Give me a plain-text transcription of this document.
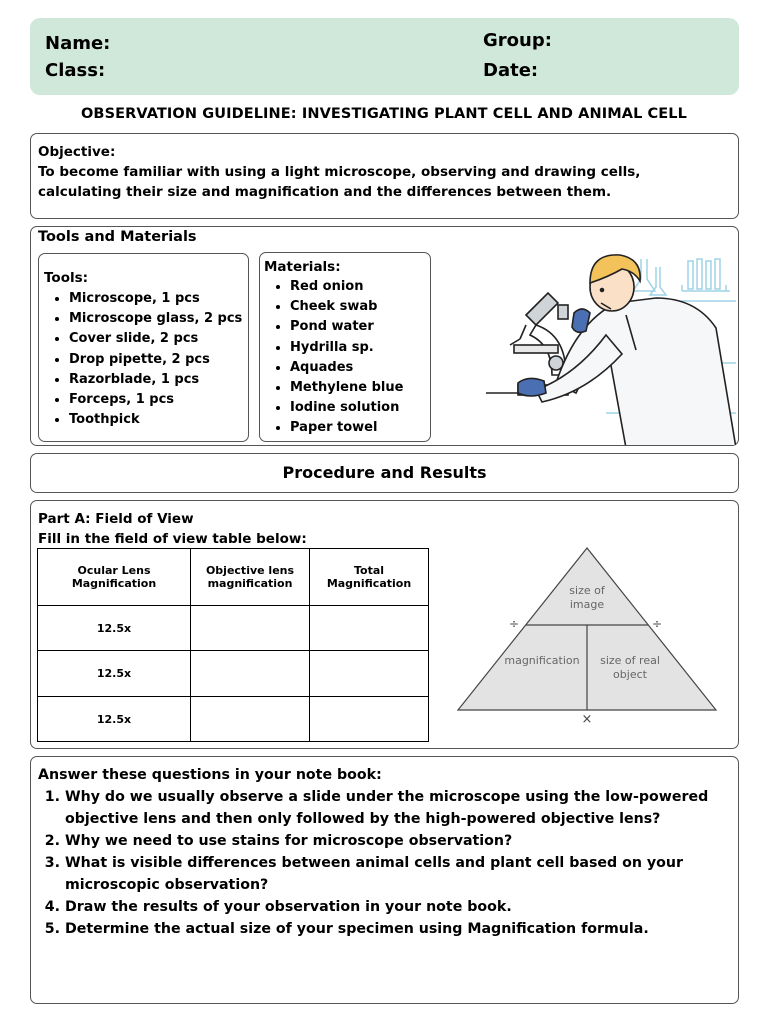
Name:
Class:
Group:
Date:
OBSERVATION GUIDELINE: INVESTIGATING PLANT CELL AND ANIMAL CELL
Objective:
To become familiar with using a light microscope, observing and drawing cells, calculating their size and magnification and the differences between them.
Tools and Materials
Tools:
• Microscope, 1 pcs
• Microscope glass, 2 pcs
• Cover slide, 2 pcs
• Drop pipette, 2 pcs
• Razorblade, 1 pcs
• Forceps, 1 pcs
• Toothpick
Materials:
• Red onion
• Cheek swab
• Pond water
• Hydrilla sp.
• Aquades
• Methylene blue
• Iodine solution
• Paper towel
Procedure and Results
Part A: Field of View
Fill in the field of view table below:
Ocular Lens Magnification	Objective lens magnification	Total Magnification
12.5x		
12.5x		
12.5x		
size of
image
magnification size of real
object
÷	÷
×
Answer these questions in your note book:
1. Why do we usually observe a slide under the microscope using the low-powered objective lens and then only followed by the high-powered objective lens?
2. Why we need to use stains for microscope observation?
3. What is visible differences between animal cells and plant cell based on your microscopic observation?
4. Draw the results of your observation in your note book.
5. Determine the actual size of your specimen using Magnification formula.
